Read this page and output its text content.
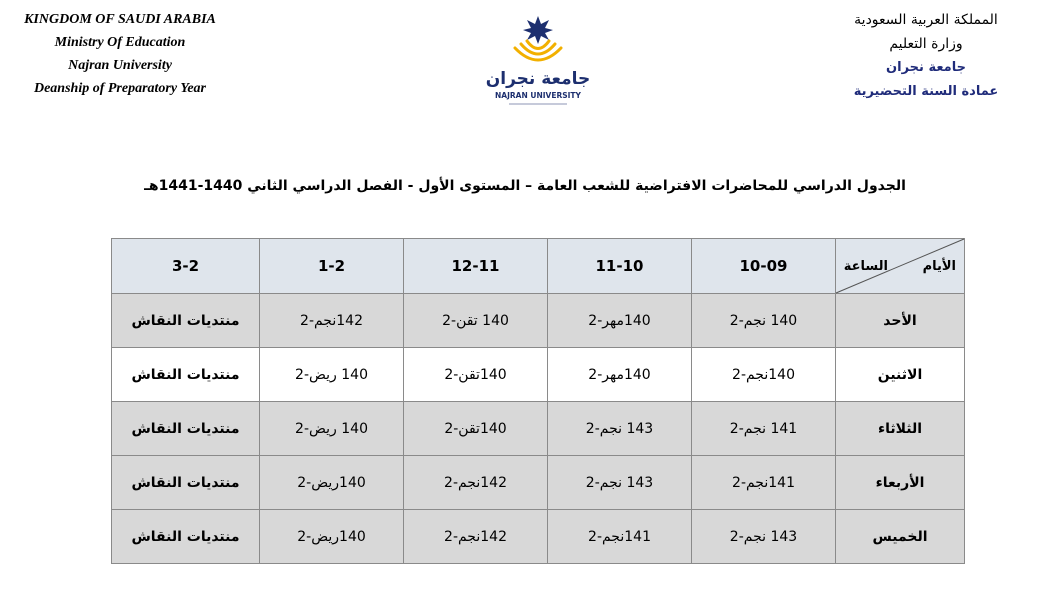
KINGDOM OF SAUDI ARABIA
Ministry Of Education
Najran University
Deanship of Preparatory Year	جامعة نجران
NAJRAN UNIVERSITY
المملكة العربية السعودية
وزارة التعليم
جامعة نجران
عمادة السنة التحضيرية
الجدول الدراسي للمحاضرات الافتراضية للشعب العامة – المستوى الأول - الفصل الدراسي الثاني 1440-1441هـ
الأيام
الساعة	10-09	11-10	12-11	1-2	3-2
الأحد	140 نجم-2	140مهر-2	140 تقن-2	142نجم-2	منتديات النقاش
الاثنين	140نجم-2	140مهر-2	140تقن-2	140 ريض-2	منتديات النقاش
الثلاثاء	141 نجم-2	143 نجم-2	140تقن-2	140 ريض-2	منتديات النقاش
الأربعاء	141نجم-2	143 نجم-2	142نجم-2	140ريض-2	منتديات النقاش
الخميس	143 نجم-2	141نجم-2	142نجم-2	140ريض-2	منتديات النقاش
